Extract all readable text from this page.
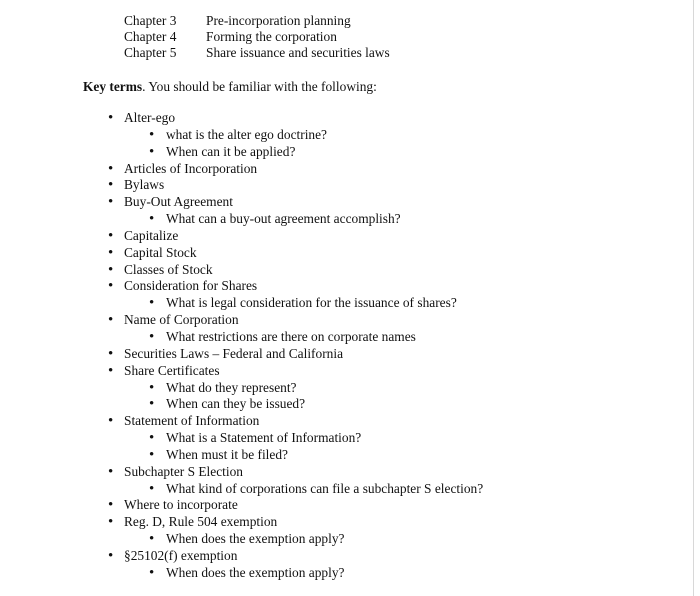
Chapter 3 Pre-incorporation planning
Chapter 4 Forming the corporation
Chapter 5 Share issuance and securities laws
Key terms. You should be familiar with the following:
• Alter-ego
• what is the alter ego doctrine?
• When can it be applied?
• Articles of Incorporation
• Bylaws
• Buy-Out Agreement
• What can a buy-out agreement accomplish?
• Capitalize
• Capital Stock
• Classes of Stock
• Consideration for Shares
• What is legal consideration for the issuance of shares?
• Name of Corporation
• What restrictions are there on corporate names
• Securities Laws – Federal and California
• Share Certificates
• What do they represent?
• When can they be issued?
• Statement of Information
• What is a Statement of Information?
• When must it be filed?
• Subchapter S Election
• What kind of corporations can file a subchapter S election?
• Where to incorporate
• Reg. D, Rule 504 exemption
• When does the exemption apply?
• §25102(f) exemption
• When does the exemption apply?
